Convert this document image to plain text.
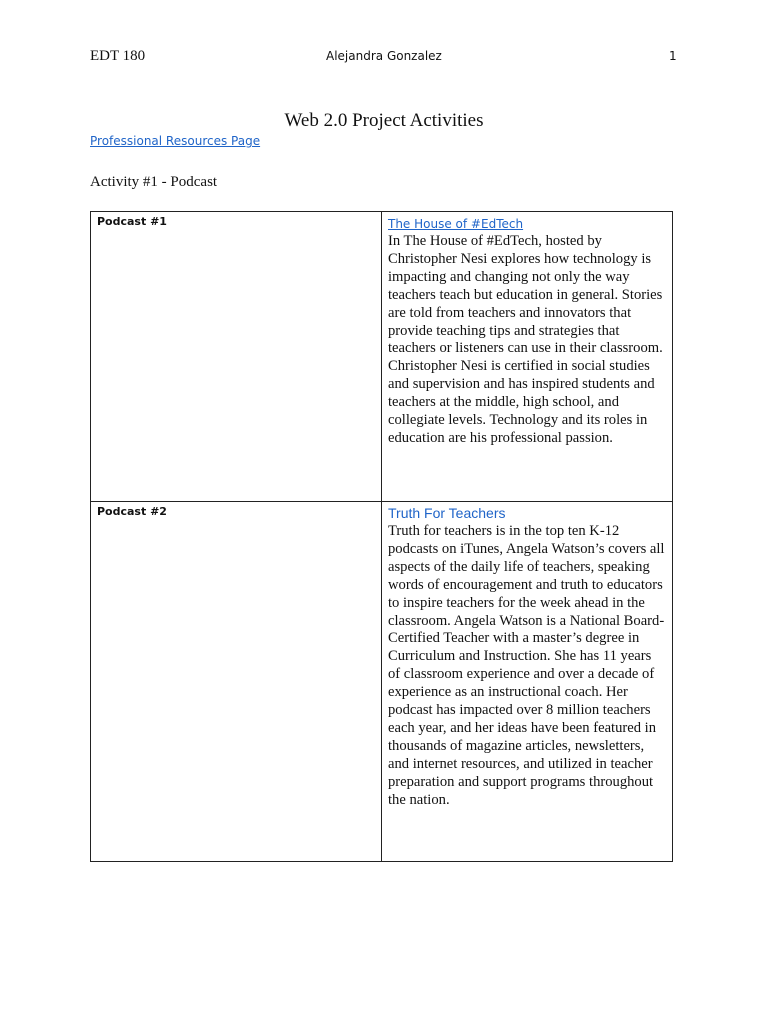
EDT 180	Alejandra Gonzalez	1
Web 2.0 Project Activities
Professional Resources Page
Activity #1 - Podcast
Podcast #1	The House of #EdTech
In The House of #EdTech, hosted by Christopher Nesi explores how technology is impacting and changing not only the way teachers teach but education in general. Stories are told from teachers and innovators that provide teaching tips and strategies that teachers or listeners can use in their classroom. Christopher Nesi is certified in social studies and supervision and has inspired students and teachers at the middle, high school, and collegiate levels. Technology and its roles in education are his professional passion.

Podcast #2	Truth For Teachers
Truth for teachers is in the top ten K-12 podcasts on iTunes, Angela Watson’s covers all aspects of the daily life of teachers, speaking words of encouragement and truth to educators to inspire teachers for the week ahead in the classroom. Angela Watson is a National Board-Certified Teacher with a master’s degree in Curriculum and Instruction. She has 11 years of classroom experience and over a decade of experience as an instructional coach. Her podcast has impacted over 8 million teachers each year, and her ideas have been featured in thousands of magazine articles, newsletters, and internet resources, and utilized in teacher preparation and support programs throughout the nation.
